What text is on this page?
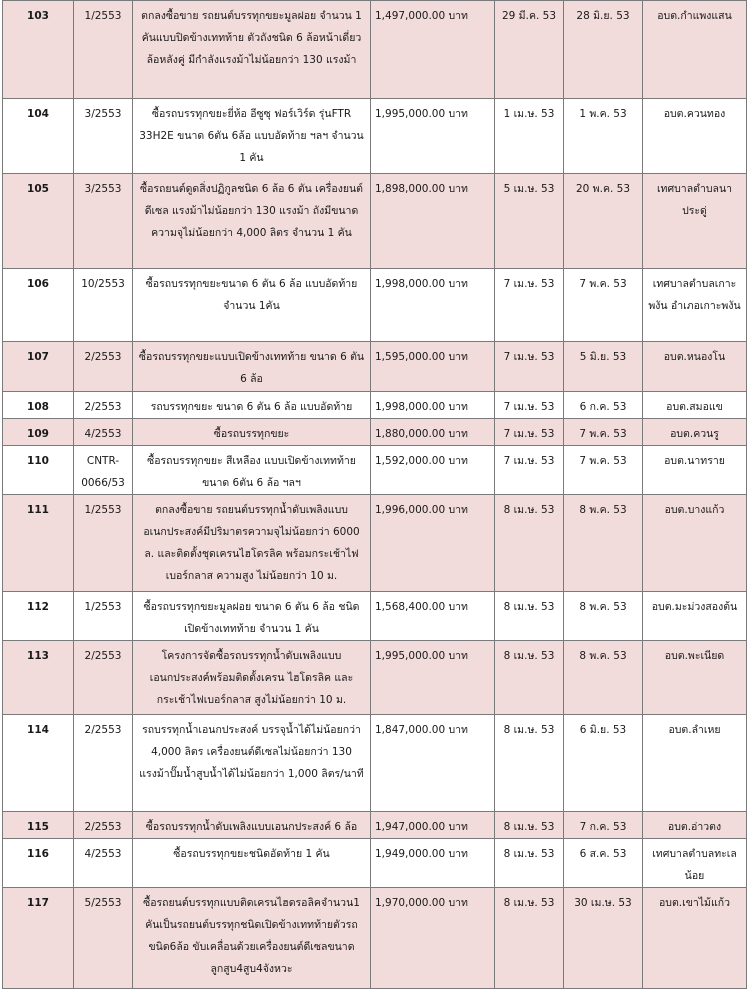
103	1/2553	ตกลงซื้อขาย รถยนต์บรรทุกขยะมูลฝอย จำนวน 1 คันแบบปิดข้างเททท้าย ตัวถังชนิด 6 ล้อหน้าเดี่ยวล้อหลังคู่ มีกำลังแรงม้าไม่น้อยกว่า 130 แรงม้า	1,497,000.00 บาท	29 มี.ค. 53	28 มิ.ย. 53	อบต.กำแพงแสน
104	3/2553	ซื้อรถบรรทุกขยะยี่ห้อ อีซูซุ ฟอร์เวิร์ด รุ่นFTR 33H2E ขนาด 6ตัน 6ล้อ แบบอัดท้าย ฯลฯ จำนวน 1 คัน	1,995,000.00 บาท	1 เม.ษ. 53	1 พ.ค. 53	อบต.ควนทอง
105	3/2553	ซื้อรถยนต์ดูดสิ่งปฏิกูลชนิด 6 ล้อ 6 ตัน เครื่องยนต์ดีเซล แรงม้าไม่น้อยกว่า 130 แรงม้า ถังมีขนาดความจุไม่น้อยกว่า 4,000 ลิตร จำนวน 1 คัน	1,898,000.00 บาท	5 เม.ษ. 53	20 พ.ค. 53	เทศบาลตำบลนาประดู่
106	10/2553	ซื้อรถบรรทุกขยะขนาด 6 ตัน 6 ล้อ แบบอัดท้าย จำนวน 1คัน	1,998,000.00 บาท	7 เม.ษ. 53	7 พ.ค. 53	เทศบาลตำบลเกาะพงัน อำเภอเกาะพงัน
107	2/2553	ซื้อรถบรรทุกขยะแบบเปิดข้างเททท้าย ขนาด 6 ตัน 6 ล้อ	1,595,000.00 บาท	7 เม.ษ. 53	5 มิ.ย. 53	อบต.หนองโน
108	2/2553	รถบรรทุกขยะ ขนาด 6 ตัน 6 ล้อ แบบอัดท้าย	1,998,000.00 บาท	7 เม.ษ. 53	6 ก.ค. 53	อบต.สมอแข
109	4/2553	ซื้อรถบรรทุกขยะ	1,880,000.00 บาท	7 เม.ษ. 53	7 พ.ค. 53	อบต.ควนรู
110	CNTR-0066/53	ซื้อรถบรรทุกขยะ สีเหลือง แบบเปิดข้างเททท้าย ขนาด 6ตัน 6 ล้อ ฯลฯ	1,592,000.00 บาท	7 เม.ษ. 53	7 พ.ค. 53	อบต.นาทราย
111	1/2553	ตกลงซื้อขาย รถยนต์บรรทุกน้ำดับเพลิงแบบอเนกประสงค์มีปริมาตรความจุไม่น้อยกว่า 6000 ล. และติดตั้งชุดเครนไฮโดรลิค พร้อมกระเช้าไฟเบอร์กลาส ความสูง ไม่น้อยกว่า 10 ม.	1,996,000.00 บาท	8 เม.ษ. 53	8 พ.ค. 53	อบต.บางแก้ว
112	1/2553	ซื้อรถบรรทุกขยะมูลฝอย ขนาด 6 ตัน 6 ล้อ ชนิดเปิดข้างเททท้าย จำนวน 1 คัน	1,568,400.00 บาท	8 เม.ษ. 53	8 พ.ค. 53	อบต.มะม่วงสองต้น
113	2/2553	โครงการจัดซื้อรถบรรทุกน้ำดับเพลิงแบบเอนกประสงค์พร้อมติดตั้งเครน ไฮโดรลิค และกระเช้าไฟเบอร์กลาส สูงไม่น้อยกว่า 10 ม.	1,995,000.00 บาท	8 เม.ษ. 53	8 พ.ค. 53	อบต.พะเนียด
114	2/2553	รถบรรทุกน้ำเอนกประสงค์ บรรจุน้ำได้ไม่น้อยกว่า 4,000 ลิตร เครื่องยนต์ดีเซลไม่น้อยกว่า 130 แรงม้าปั๊มน้ำสูบน้ำได้ไม่น้อยกว่า 1,000 ลิตร/นาที	1,847,000.00 บาท	8 เม.ษ. 53	6 มิ.ย. 53	อบต.ลำเหย
115	2/2553	ซื้อรถบรรทุกน้ำดับเพลิงแบบเอนกประสงค์ 6 ล้อ	1,947,000.00 บาท	8 เม.ษ. 53	7 ก.ค. 53	อบต.อ่าวตง
116	4/2553	ซื้อรถบรรทุกขยะชนิดอัดท้าย 1 คัน	1,949,000.00 บาท	8 เม.ษ. 53	6 ส.ค. 53	เทศบาลตำบลทะเลน้อย
117	5/2553	ซื้อรถยนต์บรรทุกแบบติดเครนไฮดรอลิคจำนวน1 คันเป็นรถยนต์บรรทุกชนิดเปิดข้างเททท้ายตัวรถขนิด6ล้อ ขับเคลื่อนด้วยเครื่องยนต์ดีเซลขนาดลูกสูบ4สูบ4จังหวะ	1,970,000.00 บาท	8 เม.ษ. 53	30 เม.ษ. 53	อบต.เขาไม้แก้ว
